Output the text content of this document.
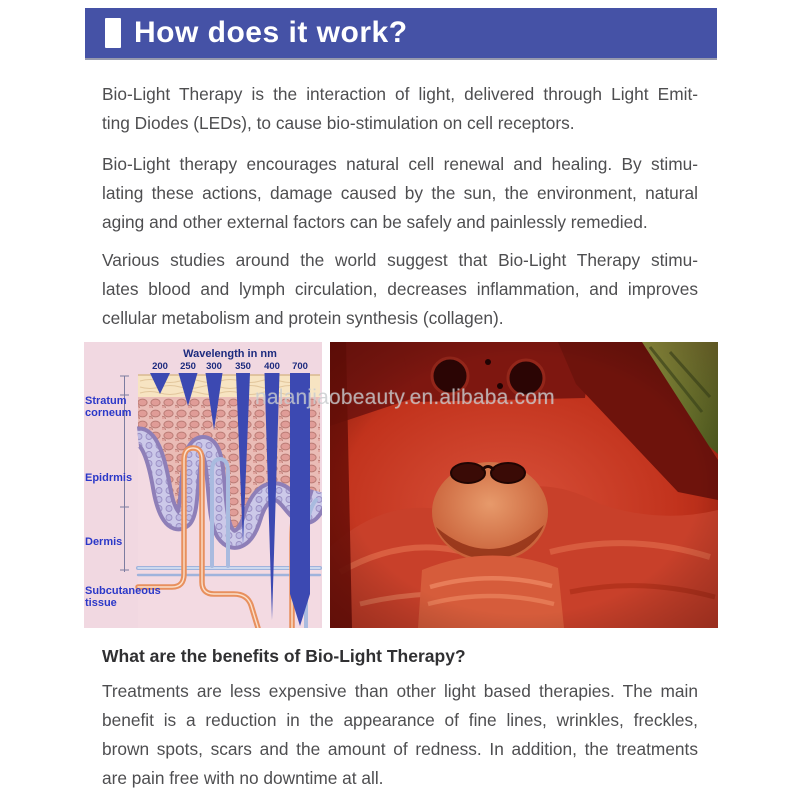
How does it work?
Bio-Light Therapy is the interaction of light, delivered through Light Emit-
ting Diodes (LEDs), to cause bio-stimulation on cell receptors.
Bio-Light therapy encourages natural cell renewal and healing. By stimu-
lating these actions, damage caused by the sun, the environment, natural
aging and other external factors can be safely and painlessly remedied.
Various studies around the world suggest that Bio-Light Therapy stimu-
lates blood and lymph circulation, decreases inflammation, and improves
cellular metabolism and protein synthesis (collagen).
200 250 300 350 400 700
Wavelength in nm
Stratum
corneum
Epidrmis
Dermis
Subcutaneous
tissue
nalanjiaobeauty.en.alibaba.com
What are the benefits of Bio-Light Therapy?
Treatments are less expensive than other light based therapies. The main
benefit is a reduction in the appearance of fine lines, wrinkles, freckles,
brown spots, scars and the amount of redness. In addition, the treatments
are pain free with no downtime at all.
